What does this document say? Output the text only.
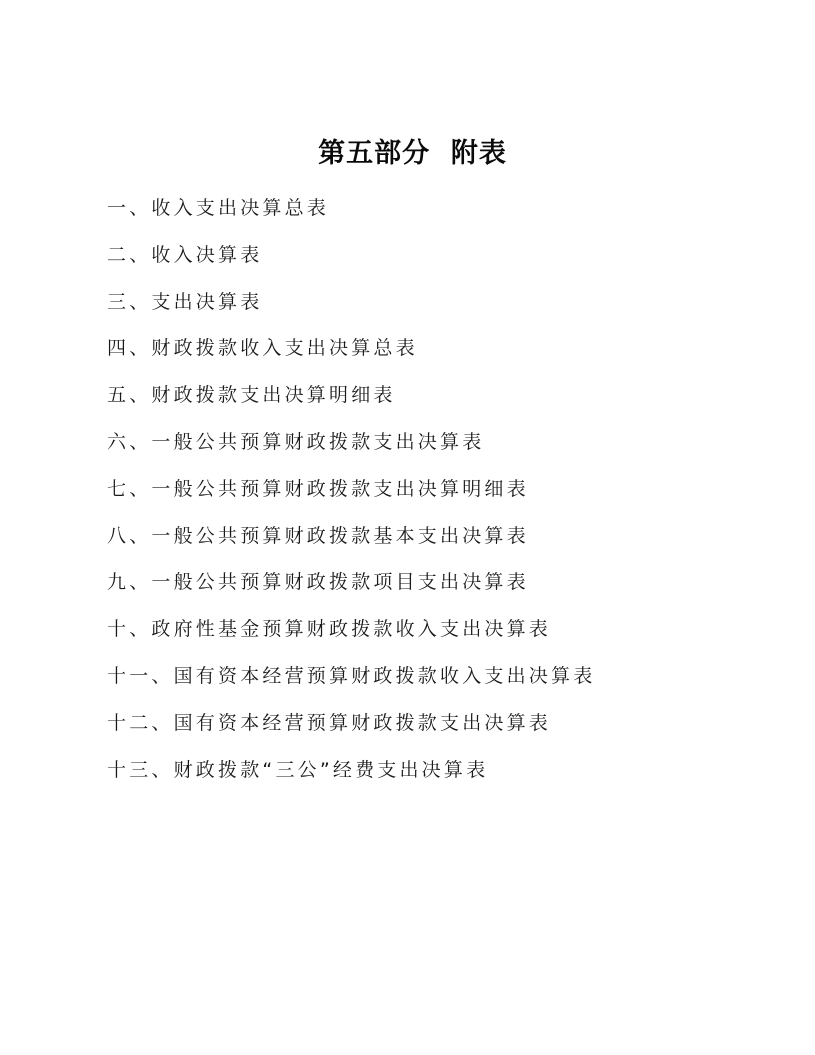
第五部分  附表
一、收入支出决算总表
二、收入决算表
三、支出决算表
四、财政拨款收入支出决算总表
五、财政拨款支出决算明细表
六、一般公共预算财政拨款支出决算表
七、一般公共预算财政拨款支出决算明细表
八、一般公共预算财政拨款基本支出决算表
九、一般公共预算财政拨款项目支出决算表
十、政府性基金预算财政拨款收入支出决算表
十一、国有资本经营预算财政拨款收入支出决算表
十二、国有资本经营预算财政拨款支出决算表
十三、财政拨款“三公”经费支出决算表
